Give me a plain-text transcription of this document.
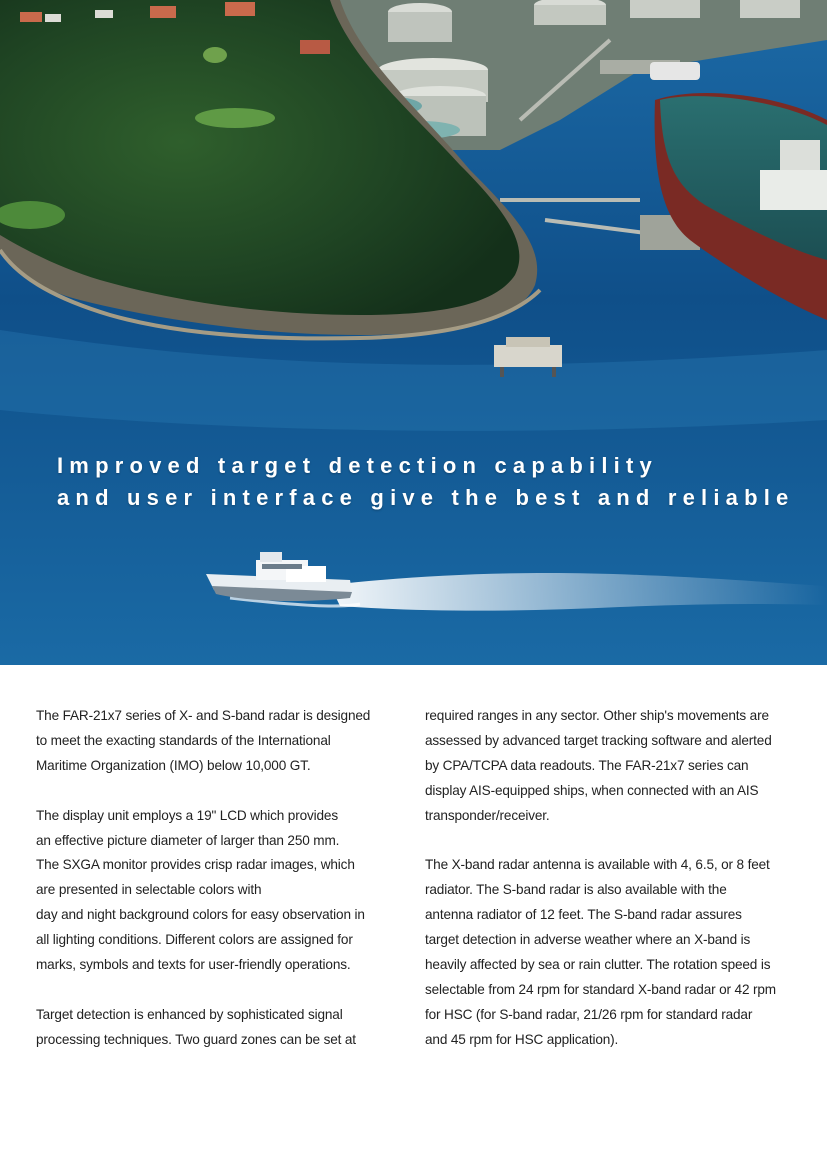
Improved target detection capability
and user interface give the best and reliable

The FAR-21x7 series of X- and S-band radar is designed
to meet the exacting standards of the International
Maritime Organization (IMO) below 10,000 GT.

The display unit employs a 19" LCD which provides
an effective picture diameter of larger than 250 mm.
The SXGA monitor provides crisp radar images, which
are presented in selectable colors with
day and night background colors for easy observation in
all lighting conditions. Different colors are assigned for
marks, symbols and texts for user-friendly operations.

Target detection is enhanced by sophisticated signal
processing techniques. Two guard zones can be set at

required ranges in any sector. Other ship's movements are
assessed by advanced target tracking software and alerted
by CPA/TCPA data readouts. The FAR-21x7 series can
display AIS-equipped ships, when connected with an AIS
transponder/receiver.

The X-band radar antenna is available with 4, 6.5, or 8 feet
radiator. The S-band radar is also available with the
antenna radiator of 12 feet. The S-band radar assures
target detection in adverse weather where an X-band is
heavily affected by sea or rain clutter. The rotation speed is
selectable from 24 rpm for standard X-band radar or 42 rpm
for HSC (for S-band radar, 21/26 rpm for standard radar
and 45 rpm for HSC application).
